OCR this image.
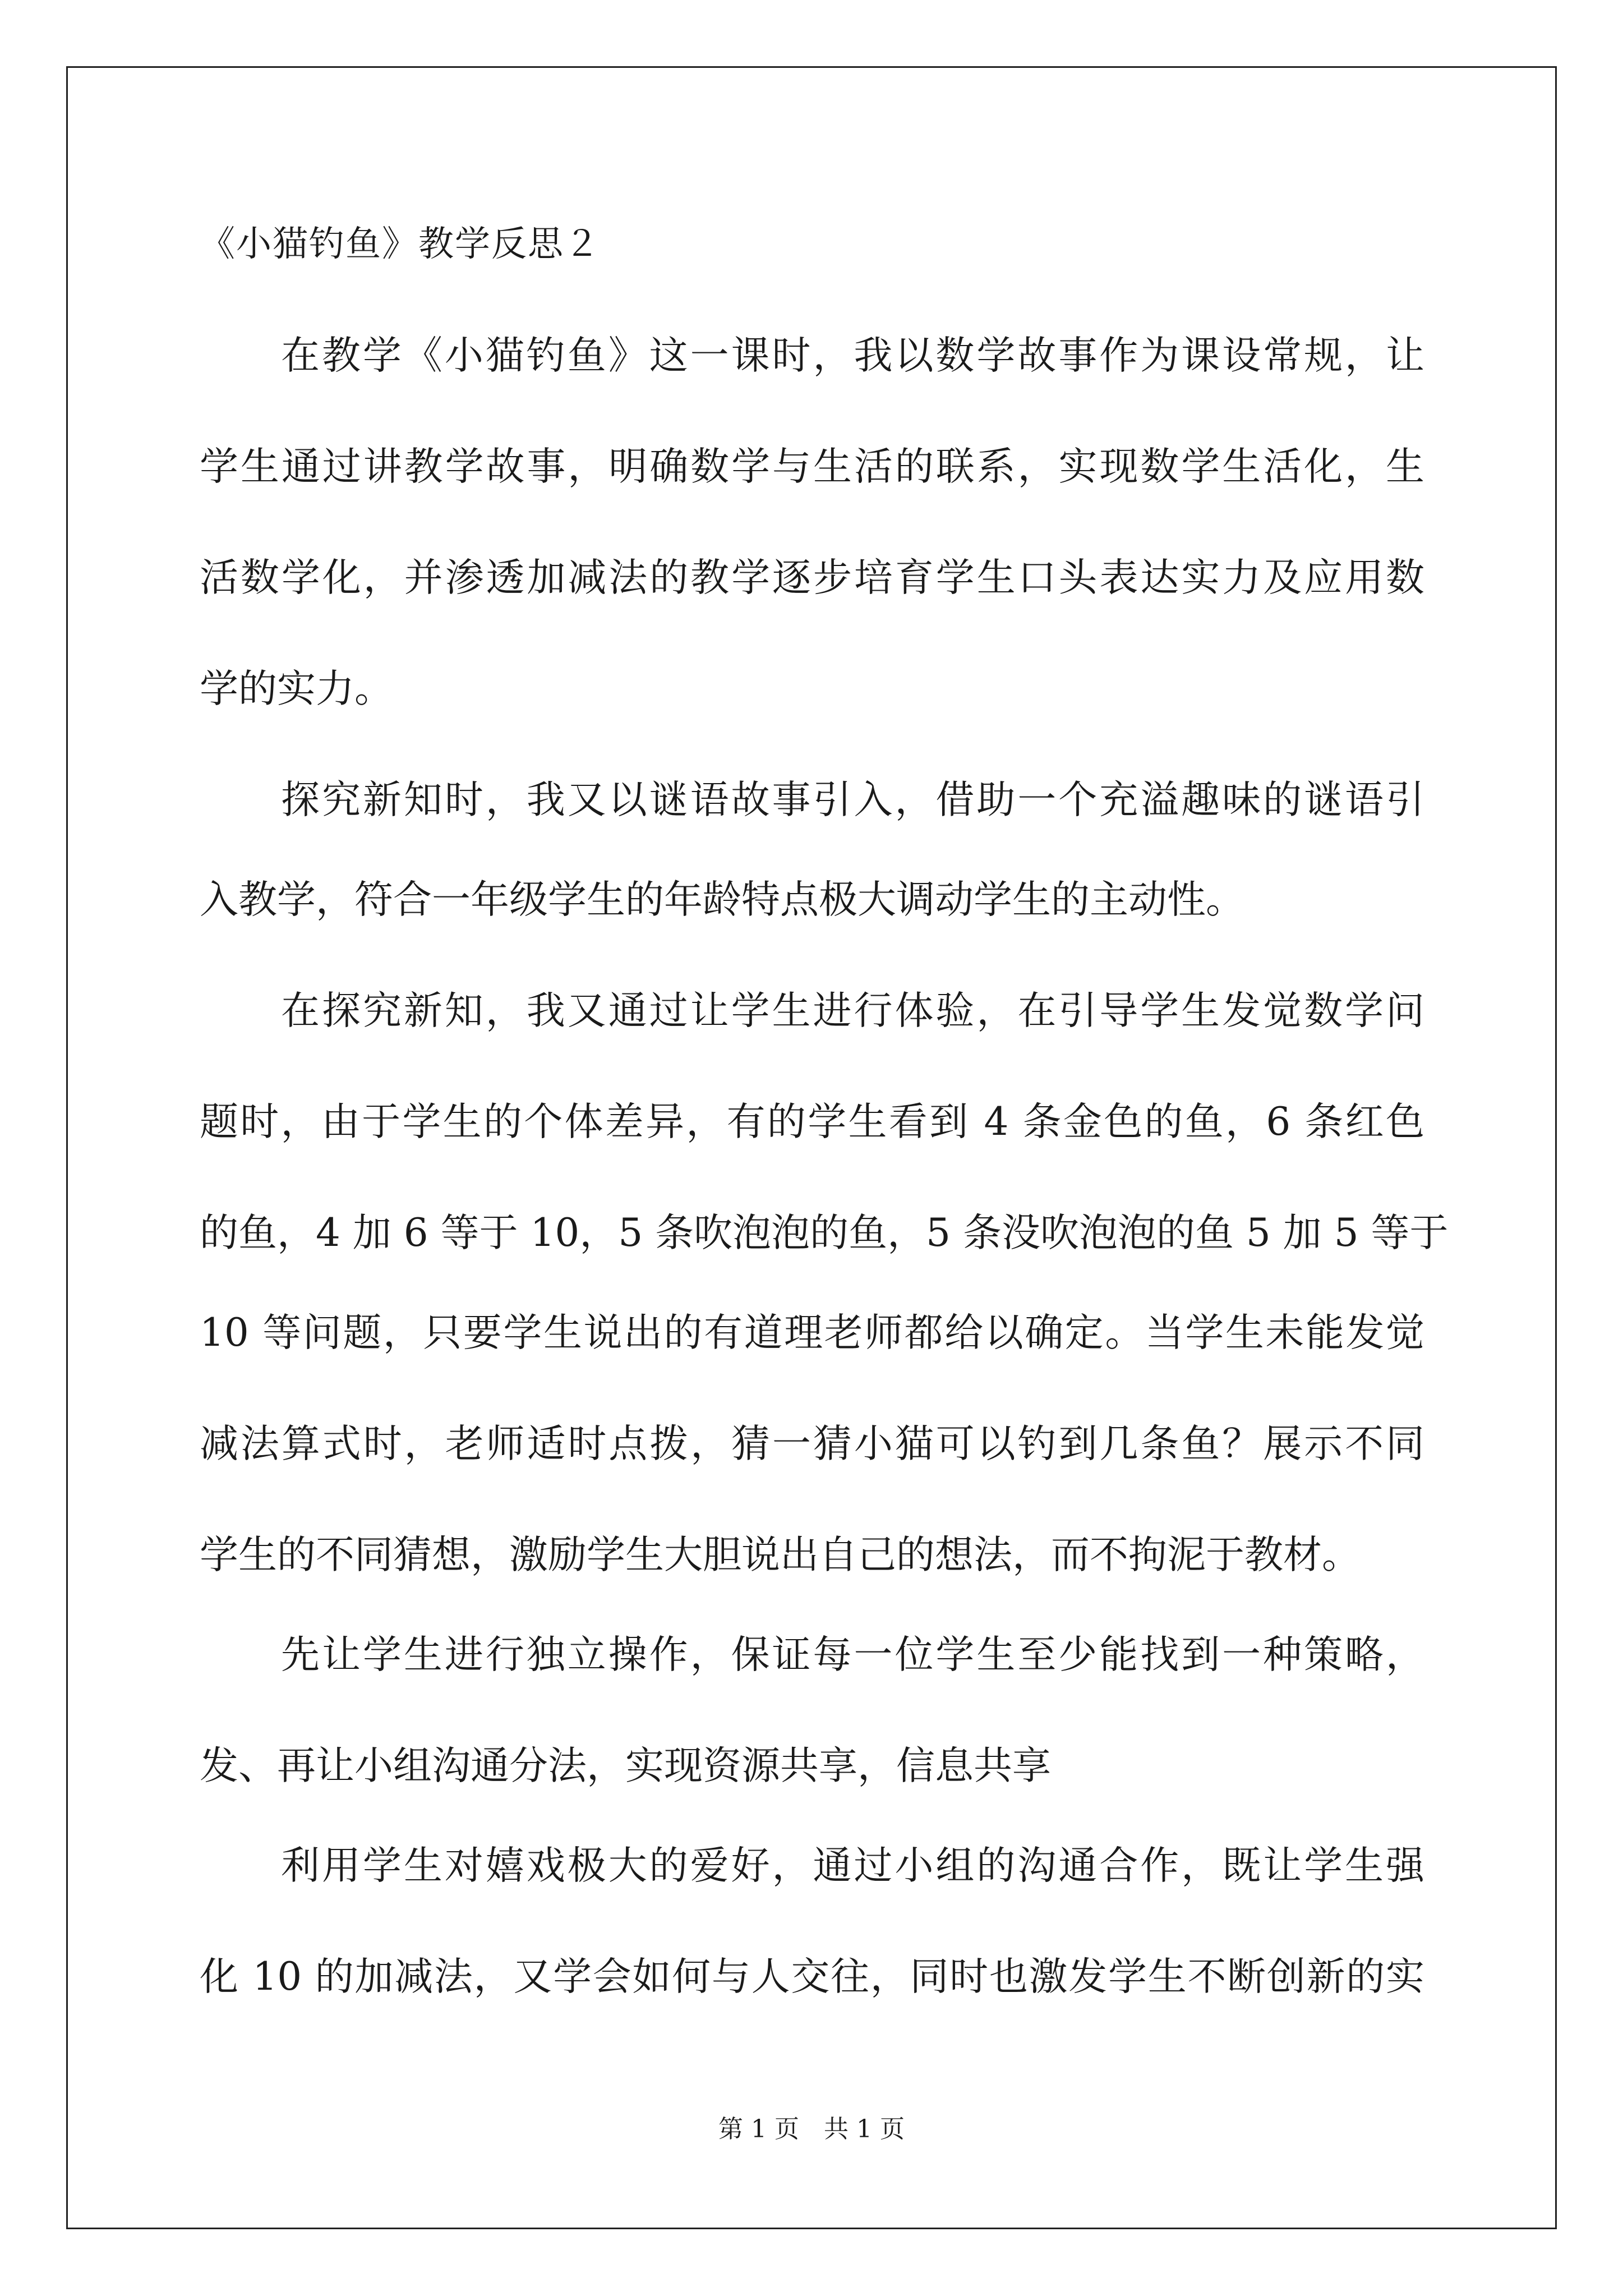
《小猫钓鱼》教学反思２
在教学《小猫钓鱼》这一课时，我以数学故事作为课设常规，让
学生通过讲教学故事，明确数学与生活的联系，实现数学生活化，生
活数学化，并渗透加减法的教学逐步培育学生口头表达实力及应用数
学的实力。
探究新知时，我又以谜语故事引入，借助一个充溢趣味的谜语引
入教学，符合一年级学生的年龄特点极大调动学生的主动性。
在探究新知，我又通过让学生进行体验，在引导学生发觉数学问
题时，由于学生的个体差异，有的学生看到 4 条金色的鱼，6 条红色
的鱼，4 加 6 等于 10，5 条吹泡泡的鱼，5 条没吹泡泡的鱼 5 加 5 等于
10 等问题，只要学生说出的有道理老师都给以确定。当学生未能发觉
减法算式时，老师适时点拨，猜一猜小猫可以钓到几条鱼？展示不同
学生的不同猜想，激励学生大胆说出自己的想法，而不拘泥于教材。
先让学生进行独立操作，保证每一位学生至少能找到一种策略，
发、再让小组沟通分法，实现资源共享，信息共享
利用学生对嬉戏极大的爱好，通过小组的沟通合作，既让学生强
化 10 的加减法，又学会如何与人交往，同时也激发学生不断创新的实
第 1 页　共 1 页
